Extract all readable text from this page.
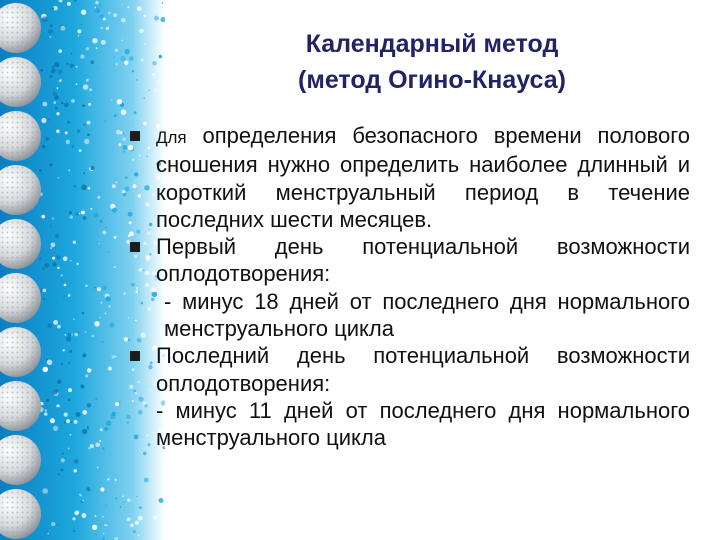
Календарный метод
(метод Огино-Кнауса)
Для определения безопасного времени полового сношения нужно определить наиболее длинный и короткий менструальный период в течение последних шести месяцев.
Первый день потенциальной возможности оплодотворения:
- минус 18 дней от последнего дня нормального менструального цикла
Последний день потенциальной возможности оплодотворения:
- минус 11 дней от последнего дня нормального менструального цикла
